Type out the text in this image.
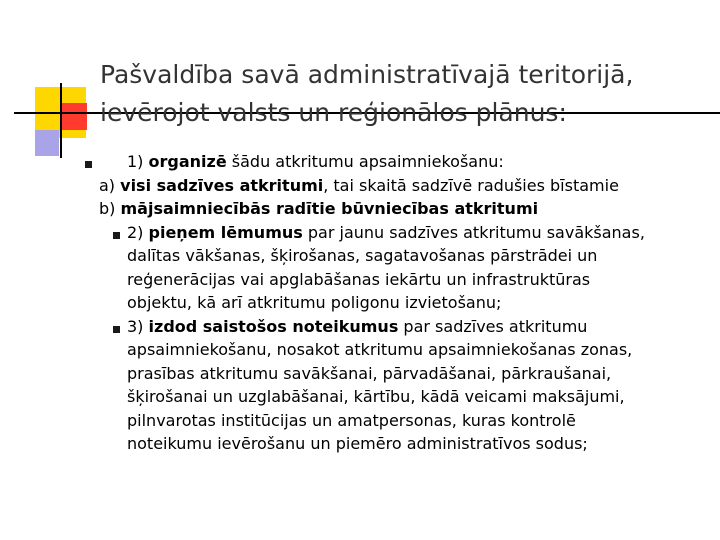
Pašvaldība savā administratīvajā teritorijā,
ievērojot valsts un reģionālos plānus:
1) organizē šādu atkritumu apsaimniekošanu:
a) visi sadzīves atkritumi, tai skaitā sadzīvē radušies bīstamie
b) mājsaimniecībās radītie būvniecības atkritumi
2) pieņem lēmumus par jaunu sadzīves atkritumu savākšanas,
dalītas vākšanas, šķirošanas, sagatavošanas pārstrādei un
reģenerācijas vai apglabāšanas iekārtu un infrastruktūras
objektu, kā arī atkritumu poligonu izvietošanu;
3) izdod saistošos noteikumus par sadzīves atkritumu
apsaimniekošanu, nosakot atkritumu apsaimniekošanas zonas,
prasības atkritumu savākšanai, pārvadāšanai, pārkraušanai,
šķirošanai un uzglabāšanai, kārtību, kādā veicami maksājumi,
pilnvarotas institūcijas un amatpersonas, kuras kontrolē
noteikumu ievērošanu un piemēro administratīvos sodus;
